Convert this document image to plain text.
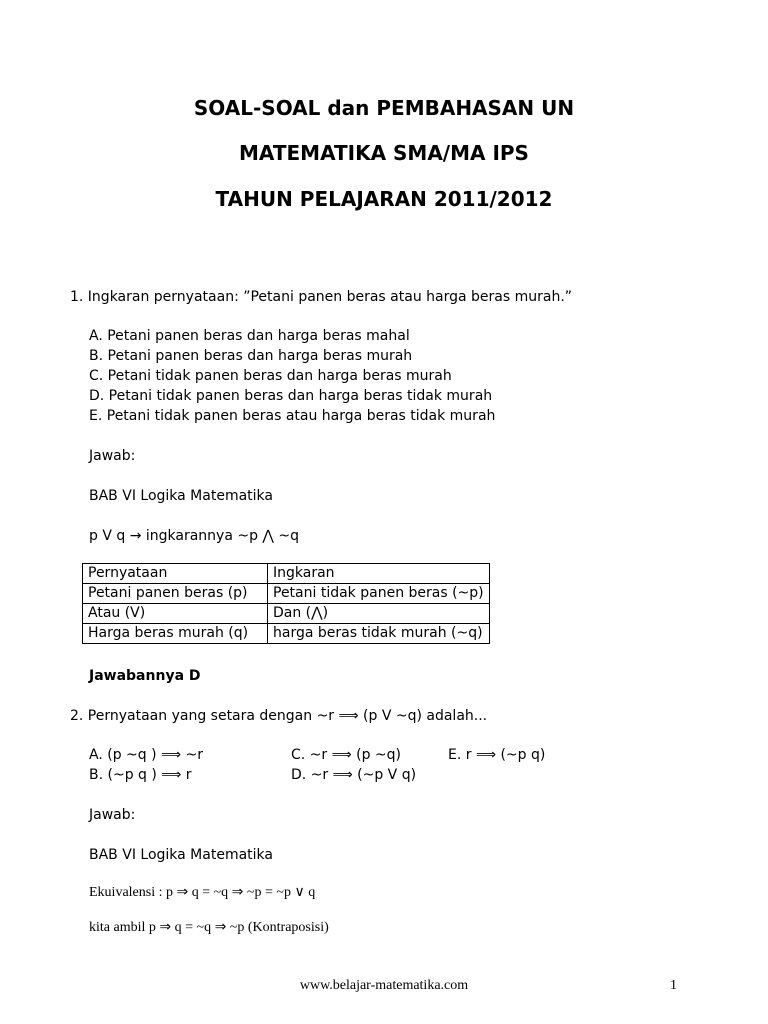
SOAL-SOAL dan PEMBAHASAN UN
MATEMATIKA SMA/MA IPS
TAHUN PELAJARAN 2011/2012
1. Ingkaran pernyataan: ”Petani panen beras atau harga beras murah.”
A. Petani panen beras dan harga beras mahal
B. Petani panen beras dan harga beras murah
C. Petani tidak panen beras dan harga beras murah
D. Petani tidak panen beras dan harga beras tidak murah
E. Petani tidak panen beras atau harga beras tidak murah
Jawab:
BAB VI Logika Matematika
p V q → ingkarannya ~p ⋀ ~q
Pernyataan	Ingkaran
Petani panen beras (p)	Petani tidak panen beras (~p)
Atau (V)	Dan (⋀)
Harga beras murah (q)	harga beras tidak murah (~q)
Jawabannya D
2. Pernyataan yang setara dengan ~r ⟹ (p V ~q) adalah...
A. (p ~q ) ⟹ ~r
B. (~p q ) ⟹ r
C. ~r ⟹ (p ~q)
D. ~r ⟹ (~p V q)
E. r ⟹ (~p q)
Jawab:
BAB VI Logika Matematika
Ekuivalensi : p ⇒ q = ~q ⇒ ~p = ~p ∨ q
kita ambil p ⇒ q = ~q ⇒ ~p (Kontraposisi)
www.belajar-matematika.com	1
